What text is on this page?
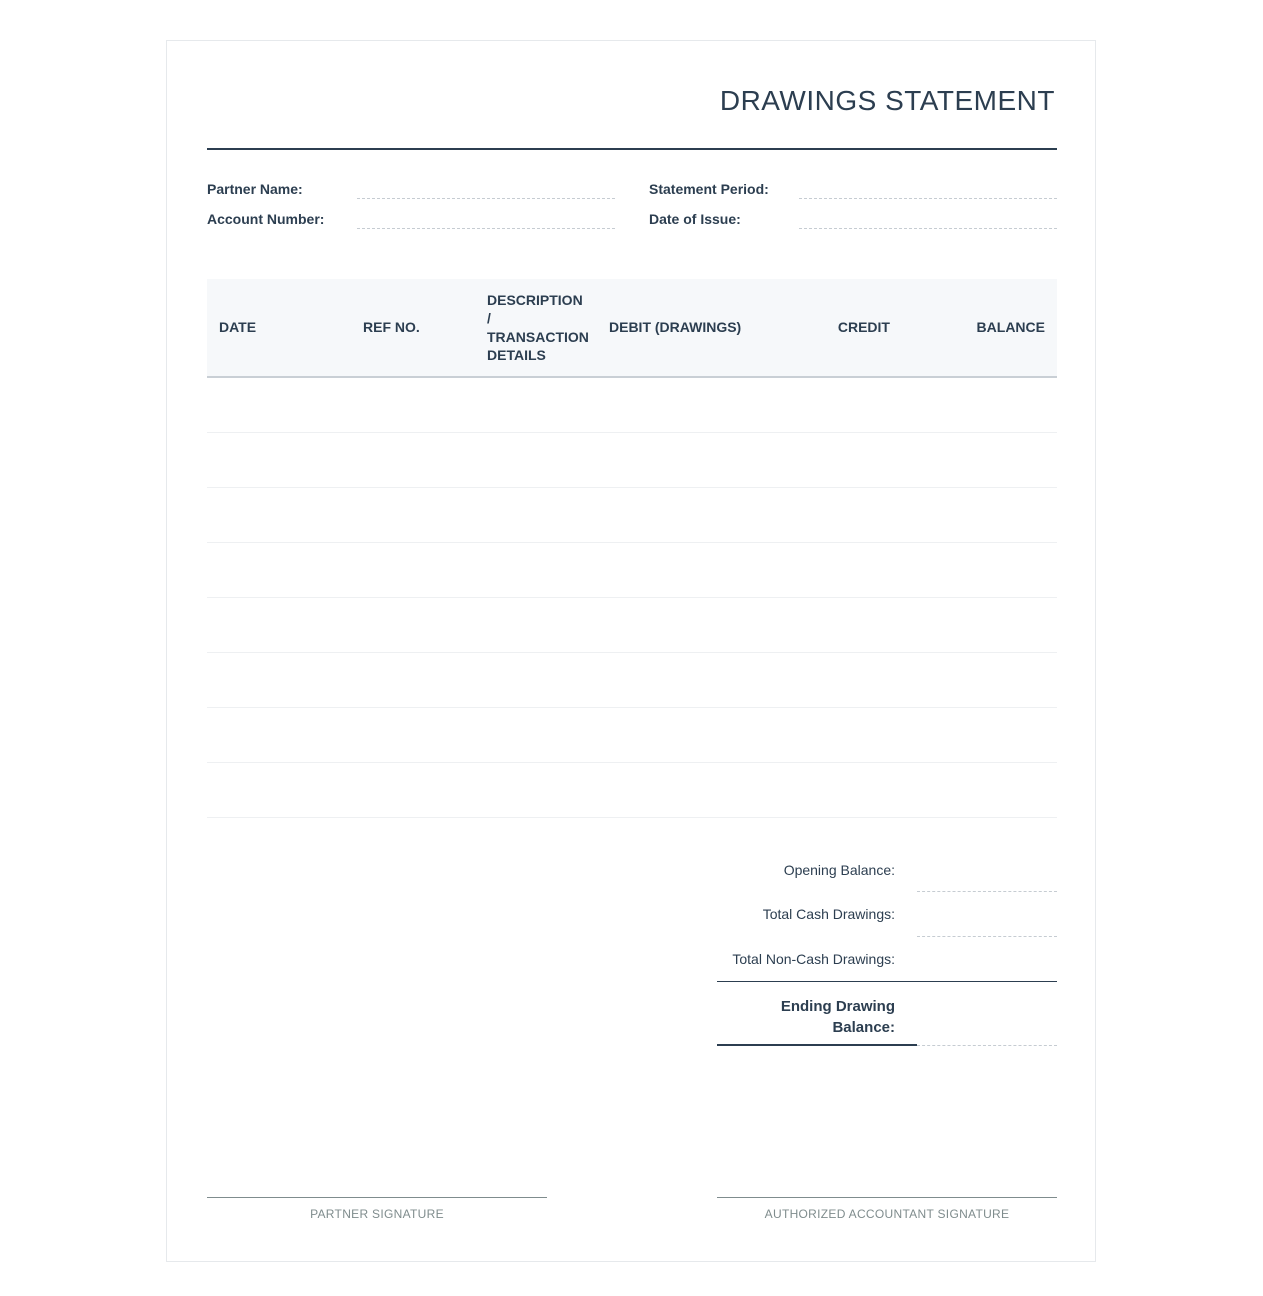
DRAWINGS STATEMENT
Partner Name:
Account Number:
Statement Period:
Date of Issue:
DATE	REF NO.	DESCRIPTION / TRANSACTION DETAILS	DEBIT (DRAWINGS)	CREDIT	BALANCE

Opening Balance:
Total Cash Drawings:
Total Non-Cash Drawings:
Ending Drawing Balance:
PARTNER SIGNATURE	AUTHORIZED ACCOUNTANT SIGNATURE
